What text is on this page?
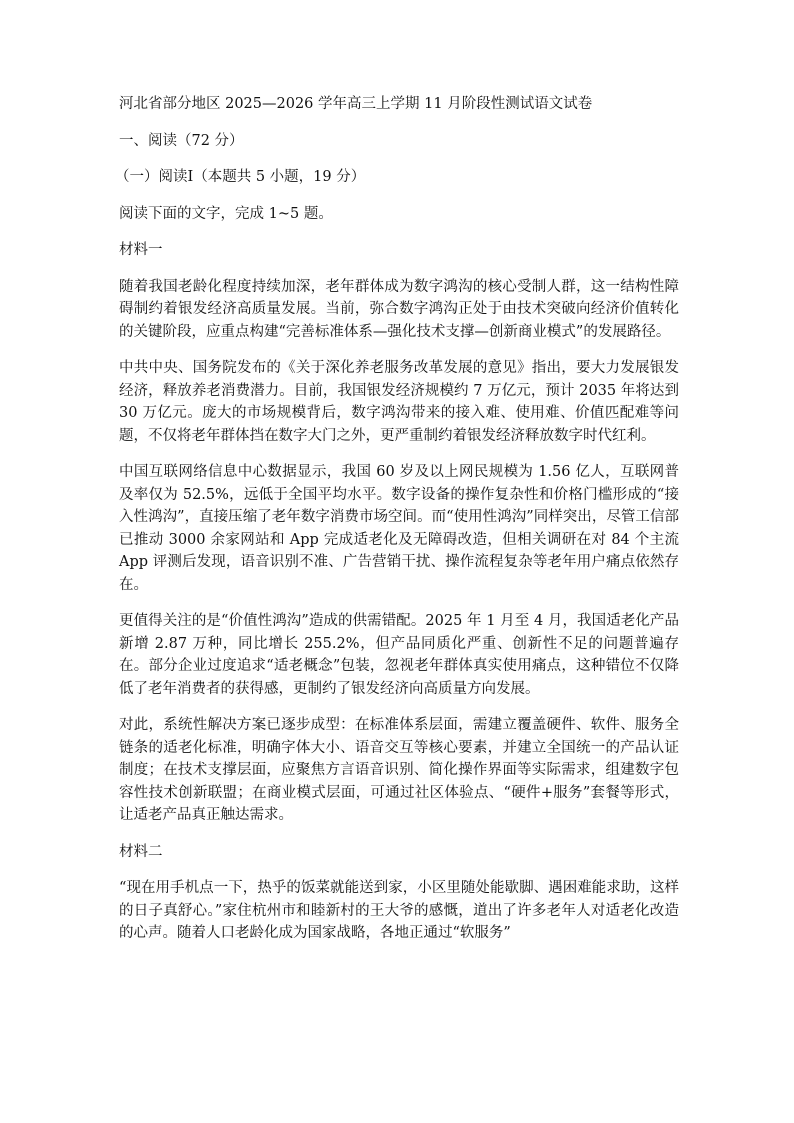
河北省部分地区 2025—2026 学年高三上学期 11 月阶段性测试语文试卷

一、阅读（72 分）

（一）阅读Ⅰ（本题共 5 小题，19 分）

阅读下面的文字，完成 1~5 题。

材料一

随着我国老龄化程度持续加深，老年群体成为数字鸿沟的核心受制人群，这一结构性障碍制约着银发经济高质量发展。当前，弥合数字鸿沟正处于由技术突破向经济价值转化的关键阶段，应重点构建“完善标准体系—强化技术支撑—创新商业模式”的发展路径。

中共中央、国务院发布的《关于深化养老服务改革发展的意见》指出，要大力发展银发经济，释放养老消费潜力。目前，我国银发经济规模约 7 万亿元，预计 2035 年将达到 30 万亿元。庞大的市场规模背后，数字鸿沟带来的接入难、使用难、价值匹配难等问题，不仅将老年群体挡在数字大门之外，更严重制约着银发经济释放数字时代红利。

中国互联网络信息中心数据显示，我国 60 岁及以上网民规模为 1.56 亿人，互联网普及率仅为 52.5%，远低于全国平均水平。数字设备的操作复杂性和价格门槛形成的“接入性鸿沟”，直接压缩了老年数字消费市场空间。而“使用性鸿沟”同样突出，尽管工信部已推动 3000 余家网站和 App 完成适老化及无障碍改造，但相关调研在对 84 个主流 App 评测后发现，语音识别不准、广告营销干扰、操作流程复杂等老年用户痛点依然存在。

更值得关注的是“价值性鸿沟”造成的供需错配。2025 年 1 月至 4 月，我国适老化产品新增 2.87 万种，同比增长 255.2%，但产品同质化严重、创新性不足的问题普遍存在。部分企业过度追求“适老概念”包装，忽视老年群体真实使用痛点，这种错位不仅降低了老年消费者的获得感，更制约了银发经济向高质量方向发展。

对此，系统性解决方案已逐步成型：在标准体系层面，需建立覆盖硬件、软件、服务全链条的适老化标准，明确字体大小、语音交互等核心要素，并建立全国统一的产品认证制度；在技术支撑层面，应聚焦方言语音识别、简化操作界面等实际需求，组建数字包容性技术创新联盟；在商业模式层面，可通过社区体验点、“硬件+服务”套餐等形式，让适老产品真正触达需求。

材料二

“现在用手机点一下，热乎的饭菜就能送到家，小区里随处能歇脚、遇困难能求助，这样的日子真舒心。”家住杭州市和睦新村的王大爷的感慨，道出了许多老年人对适老化改造的心声。随着人口老龄化成为国家战略，各地正通过“软服务”
